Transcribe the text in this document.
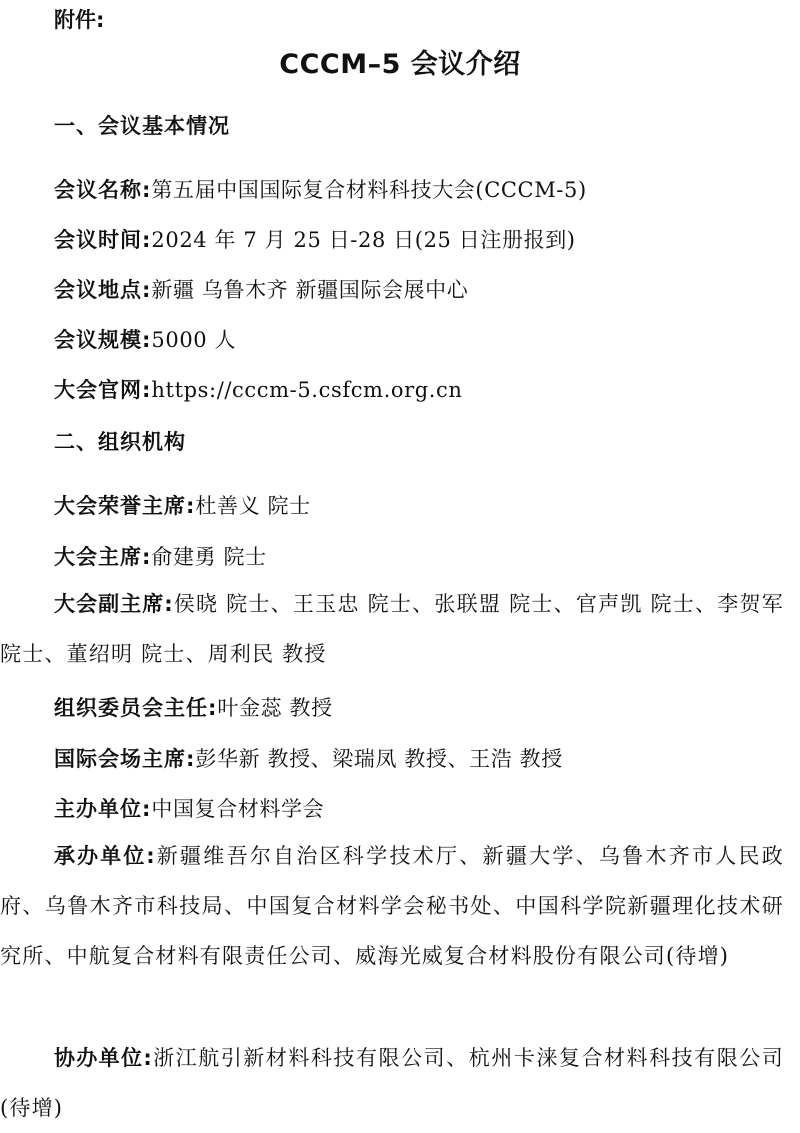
附件:
CCCM–5 会议介绍
一、会议基本情况
会议名称:第五届中国国际复合材料科技大会(CCCM-5)
会议时间:2024 年 7 月 25 日-28 日(25 日注册报到)
会议地点:新疆 乌鲁木齐 新疆国际会展中心
会议规模:5000 人
大会官网:https://cccm-5.csfcm.org.cn
二、组织机构
大会荣誉主席:杜善义 院士
大会主席:俞建勇 院士
大会副主席:侯晓 院士、王玉忠 院士、张联盟 院士、官声凯 院士、李贺军 院士、董绍明 院士、周利民 教授
组织委员会主任:叶金蕊 教授
国际会场主席:彭华新 教授、梁瑞凤 教授、王浩 教授
主办单位:中国复合材料学会
承办单位:新疆维吾尔自治区科学技术厅、新疆大学、乌鲁木齐市人民政府、乌鲁木齐市科技局、中国复合材料学会秘书处、中国科学院新疆理化技术研究所、中航复合材料有限责任公司、威海光威复合材料股份有限公司(待增)
协办单位:浙江航引新材料科技有限公司、杭州卡涞复合材料科技有限公司(待增)
